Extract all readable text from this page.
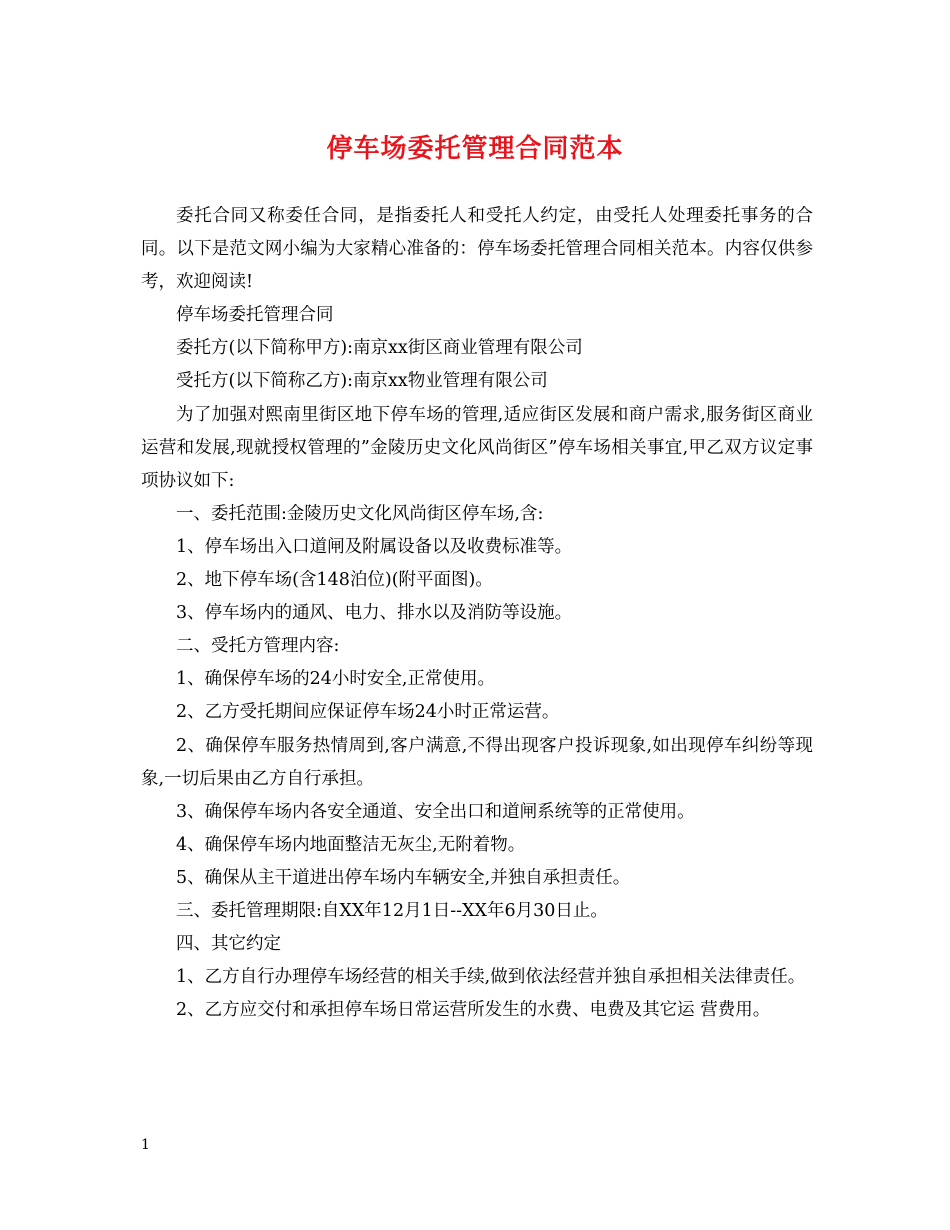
停车场委托管理合同范本

委托合同又称委任合同，是指委托人和受托人约定，由受托人处理委托事务的合同。以下是范文网小编为大家精心准备的：停车场委托管理合同相关范本。内容仅供参考，欢迎阅读!

停车场委托管理合同

委托方(以下简称甲方):南京xx街区商业管理有限公司

受托方(以下简称乙方):南京xx物业管理有限公司

为了加强对熙南里街区地下停车场的管理,适应街区发展和商户需求,服务街区商业运营和发展,现就授权管理的”金陵历史文化风尚街区”停车场相关事宜,甲乙双方议定事项协议如下:

一、委托范围:金陵历史文化风尚街区停车场,含:

1、停车场出入口道闸及附属设备以及收费标准等。

2、地下停车场(含148泊位)(附平面图)。

3、停车场内的通风、电力、排水以及消防等设施。

二、受托方管理内容:

1、确保停车场的24小时安全,正常使用。

2、乙方受托期间应保证停车场24小时正常运营。

2、确保停车服务热情周到,客户满意,不得出现客户投诉现象,如出现停车纠纷等现象,一切后果由乙方自行承担。

3、确保停车场内各安全通道、安全出口和道闸系统等的正常使用。

4、确保停车场内地面整洁无灰尘,无附着物。

5、确保从主干道进出停车场内车辆安全,并独自承担责任。

三、委托管理期限:自XX年12月1日--XX年6月30日止。

四、其它约定

1、乙方自行办理停车场经营的相关手续,做到依法经营并独自承担相关法律责任。

2、乙方应交付和承担停车场日常运营所发生的水费、电费及其它运 营费用。

1
